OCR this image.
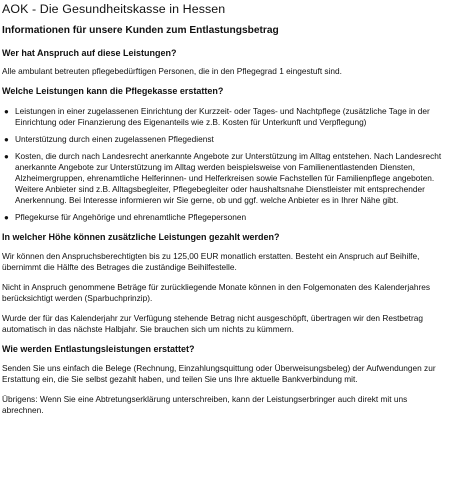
AOK - Die Gesundheitskasse in Hessen
Informationen für unsere Kunden zum Entlastungsbetrag
Wer hat Anspruch auf diese Leistungen?

Alle ambulant betreuten pflegebedürftigen Personen, die in den Pflegegrad 1 eingestuft sind.

Welche Leistungen kann die Pflegekasse erstatten?
● Leistungen in einer zugelassenen Einrichtung der Kurzzeit- oder Tages- und Nachtpflege (zusätzliche Tage in der Einrichtung oder Finanzierung des Eigenanteils wie z.B. Kosten für Unterkunft und Verpflegung)
● Unterstützung durch einen zugelassenen Pflegedienst
● Kosten, die durch nach Landesrecht anerkannte Angebote zur Unterstützung im Alltag entstehen. Nach Landesrecht anerkannte Angebote zur Unterstützung im Alltag werden beispielsweise von Familienentlastenden Diensten, Alzheimergruppen, ehrenamtliche Helferinnen- und Helferkreisen sowie Fachstellen für Familienpflege angeboten. Weitere Anbieter sind z.B. Alltagsbegleiter, Pflegebegleiter oder haushaltsnahe Dienstleister mit entsprechender Anerkennung. Bei Interesse informieren wir Sie gerne, ob und ggf. welche Anbieter es in Ihrer Nähe gibt.
● Pflegekurse für Angehörige und ehrenamtliche Pflegepersonen
In welcher Höhe können zusätzliche Leistungen gezahlt werden?

Wir können den Anspruchsberechtigten bis zu 125,00 EUR monatlich erstatten. Besteht ein Anspruch auf Beihilfe, übernimmt die Hälfte des Betrages die zuständige Beihilfestelle.

Nicht in Anspruch genommene Beträge für zurückliegende Monate können in den Folgemonaten des Kalenderjahres berücksichtigt werden (Sparbuchprinzip).

Wurde der für das Kalenderjahr zur Verfügung stehende Betrag nicht ausgeschöpft, übertragen wir den Restbetrag automatisch in das nächste Halbjahr. Sie brauchen sich um nichts zu kümmern.

Wie werden Entlastungsleistungen erstattet?

Senden Sie uns einfach die Belege (Rechnung, Einzahlungsquittung oder Überweisungsbeleg) der Aufwendungen zur Erstattung ein, die Sie selbst gezahlt haben, und teilen Sie uns Ihre aktuelle Bankverbindung mit.

Übrigens: Wenn Sie eine Abtretungserklärung unterschreiben, kann der Leistungserbringer auch direkt mit uns abrechnen.
